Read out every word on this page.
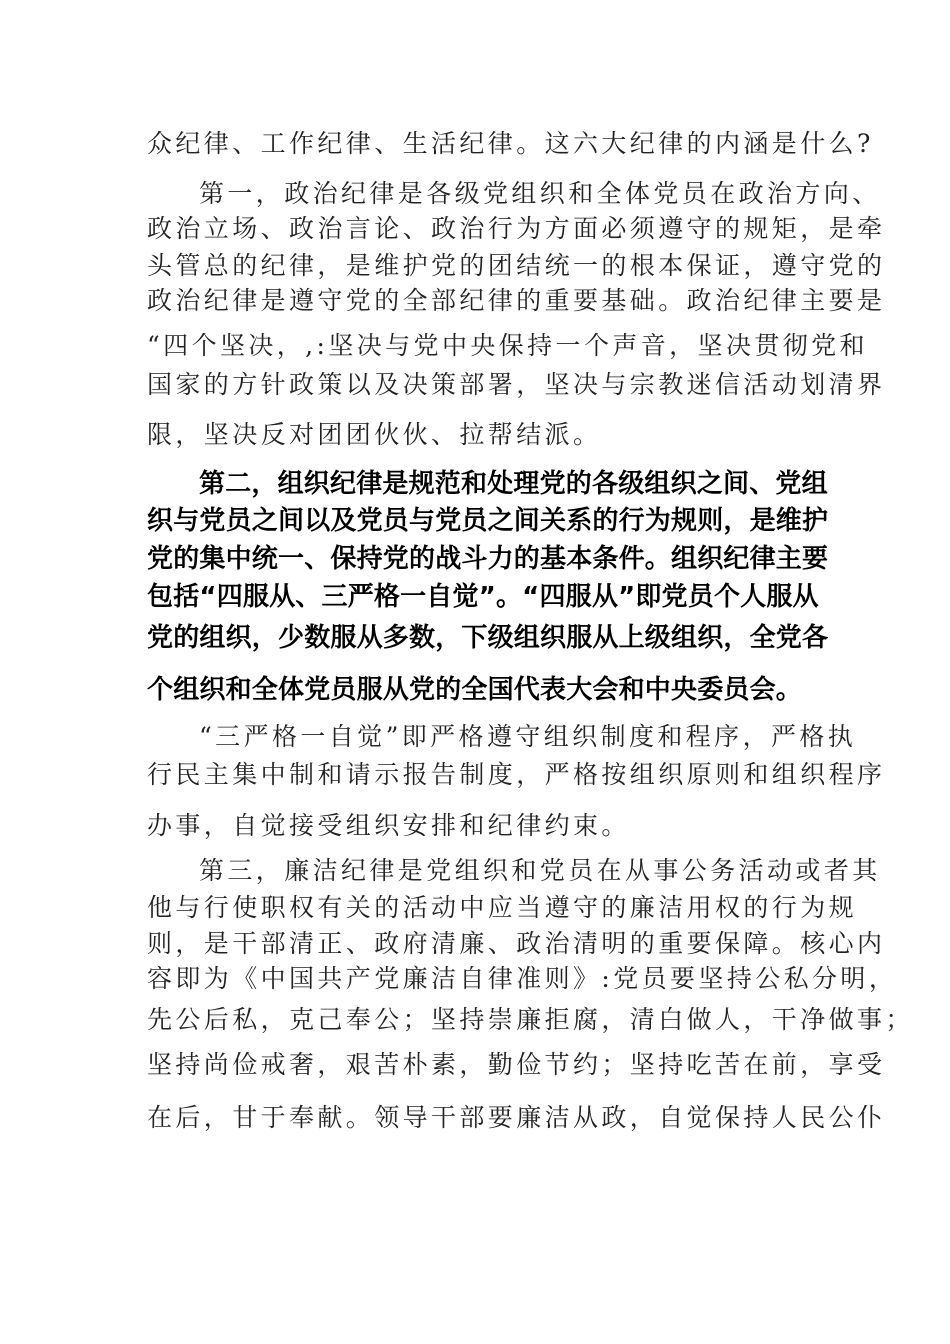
众纪律、工作纪律、生活纪律。这六大纪律的内涵是什么?

第一，政治纪律是各级党组织和全体党员在政治方向、

政治立场、政治言论、政治行为方面必须遵守的规矩，是牵

头管总的纪律，是维护党的团结统一的根本保证，遵守党的

政治纪律是遵守党的全部纪律的重要基础。政治纪律主要是

“四个坚决，,:坚决与党中央保持一个声音，坚决贯彻党和

国家的方针政策以及决策部署，坚决与宗教迷信活动划清界

限，坚决反对团团伙伙、拉帮结派。

第二，组织纪律是规范和处理党的各级组织之间、党组

织与党员之间以及党员与党员之间关系的行为规则，是维护

党的集中统一、保持党的战斗力的基本条件。组织纪律主要

包括“四服从、三严格一自觉”。“四服从”即党员个人服从

党的组织，少数服从多数，下级组织服从上级组织，全党各

个组织和全体党员服从党的全国代表大会和中央委员会。

“三严格一自觉”即严格遵守组织制度和程序，严格执

行民主集中制和请示报告制度，严格按组织原则和组织程序

办事，自觉接受组织安排和纪律约束。

第三，廉洁纪律是党组织和党员在从事公务活动或者其

他与行使职权有关的活动中应当遵守的廉洁用权的行为规

则，是干部清正、政府清廉、政治清明的重要保障。核心内

容即为《中国共产党廉洁自律准则》:党员要坚持公私分明，

先公后私，克己奉公；坚持崇廉拒腐，清白做人，干净做事；

坚持尚俭戒奢，艰苦朴素，勤俭节约；坚持吃苦在前，享受

在后，甘于奉献。领导干部要廉洁从政，自觉保持人民公仆
